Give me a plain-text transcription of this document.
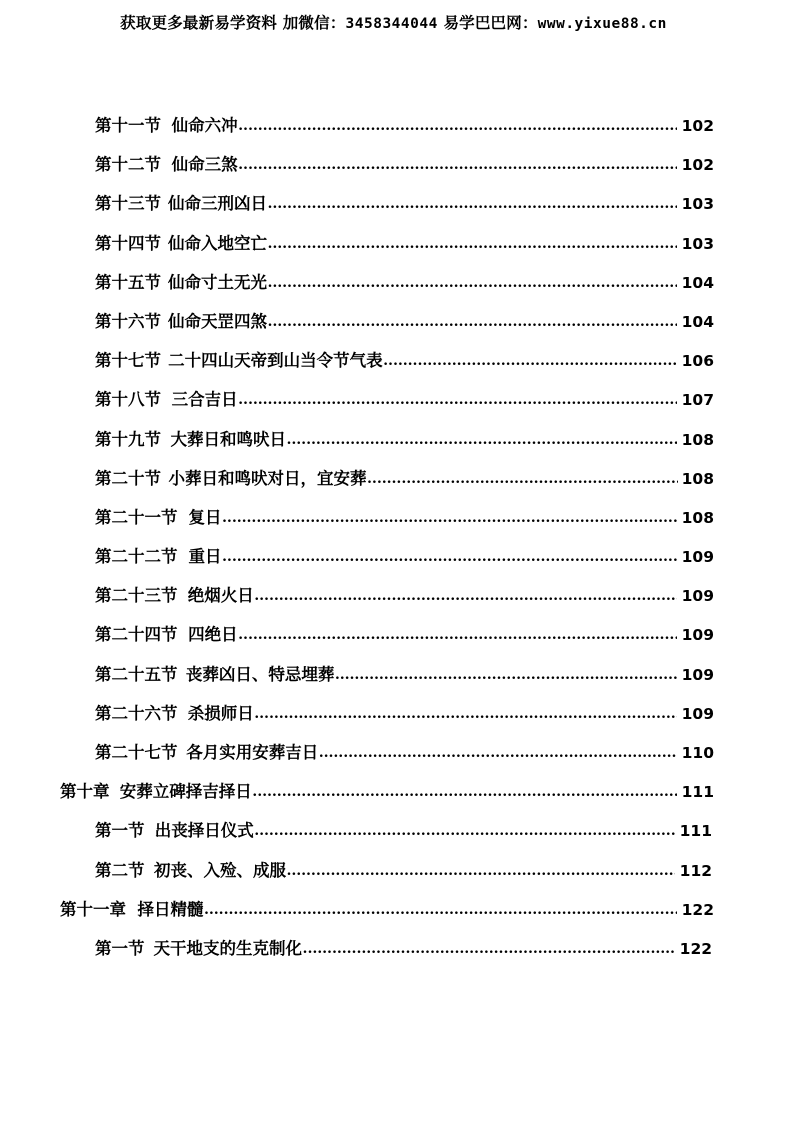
获取更多最新易学资料 加微信：3458344044 易学巴巴网：www.yixue88.cn
第十一节 仙命六冲 .....	102
第十二节 仙命三煞 .....	102
第十三节 仙命三刑凶日 .....	103
第十四节 仙命入地空亡 .....	103
第十五节 仙命寸土无光 .....	104
第十六节 仙命天罡四煞 .....	104
第十七节 二十四山天帝到山当令节气表 .....	106
第十八节 三合吉日 .....	107
第十九节 大葬日和鸣吠日 .....	108
第二十节 小葬日和鸣吠对日，宜安葬 .....	108
第二十一节 复日 .....	108
第二十二节 重日 .....	109
第二十三节 绝烟火日 .....	109
第二十四节 四绝日 .....	109
第二十五节 丧葬凶日、特忌埋葬 .....	109
第二十六节 杀损师日 .....	109
第二十七节 各月实用安葬吉日 .....	110
第十章 安葬立碑择吉择日 .....	111
第一节 出丧择日仪式 .....	111
第二节 初丧、入殓、成服 .....	112
第十一章 择日精髓 .....	122
第一节 天干地支的生克制化 .....	122
